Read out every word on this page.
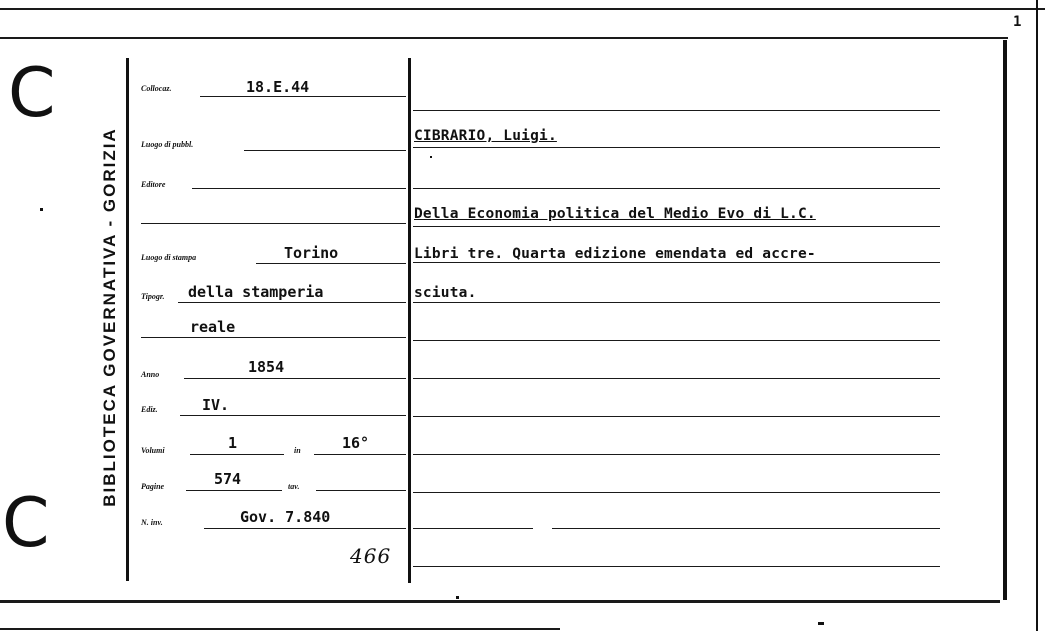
1
C
C
BIBLIOTECA GOVERNATIVA - GORIZIA
Collocaz.	18.E.44
Luogo di pubbl.
Editore
Luogo di stampa	Torino
Tipogr. della stamperia
reale
Anno	1854
Ediz.	IV.
Volumi	1	in	16°
Pagine	574	tav.
N. inv.	Gov. 7.840
466
CIBRARIO, Luigi.
Della Economia politica del Medio Evo di L.C.
Libri tre. Quarta edizione emendata ed accre-
sciuta.
